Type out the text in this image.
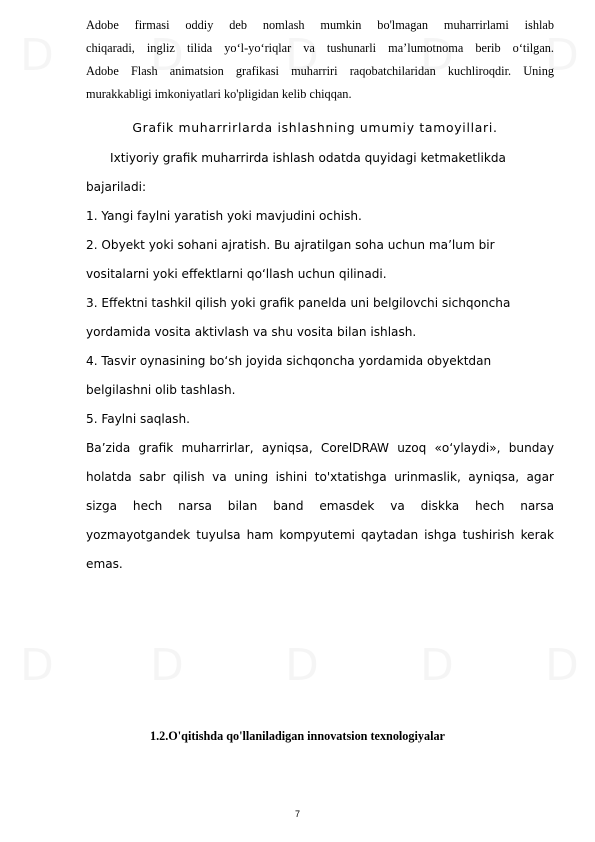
Adobe firmasi oddiy deb nomlash mumkin bo'lmagan muharrirlami ishlab
chiqaradi, ingliz tilida yo‘l-yo‘riqlar va tushunarli ma’lumotnoma berib o‘tilgan.
Adobe Flash animatsion grafikasi muharriri raqobatchilaridan kuchliroqdir. Uning
murakkabligi imkoniyatlari ko'pligidan kelib chiqqan.
Grafik muharrirlarda ishlashning umumiy tamoyillari.

Ixtiyoriy grafik muharrirda ishlash odatda quyidagi ketmaketlikda bajariladi:

1. Yangi faylni yaratish yoki mavjudini ochish.

2. Obyekt yoki sohani ajratish. Bu ajratilgan soha uchun ma’lum bir vositalarni yoki effektlarni qo‘llash uchun qilinadi.

3. Effektni tashkil qilish yoki grafik panelda uni belgilovchi sichqoncha yordamida vosita aktivlash va shu vosita bilan ishlash.

4. Tasvir oynasining bo‘sh joyida sichqoncha yordamida obyektdan belgilashni olib tashlash.

5. Faylni saqlash.

Ba’zida grafik muharrirlar, ayniqsa, CorelDRAW uzoq «o‘ylaydi», bunday holatda sabr qilish va uning ishini to'xtatishga urinmaslik, ayniqsa, agar sizga hech narsa bilan band emasdek va diskka hech narsa yozmayotgandek tuyulsa ham kompyutemi qaytadan ishga tushirish kerak emas.

1.2.O'qitishda qo'llaniladigan innovatsion texnologiyalar
7
